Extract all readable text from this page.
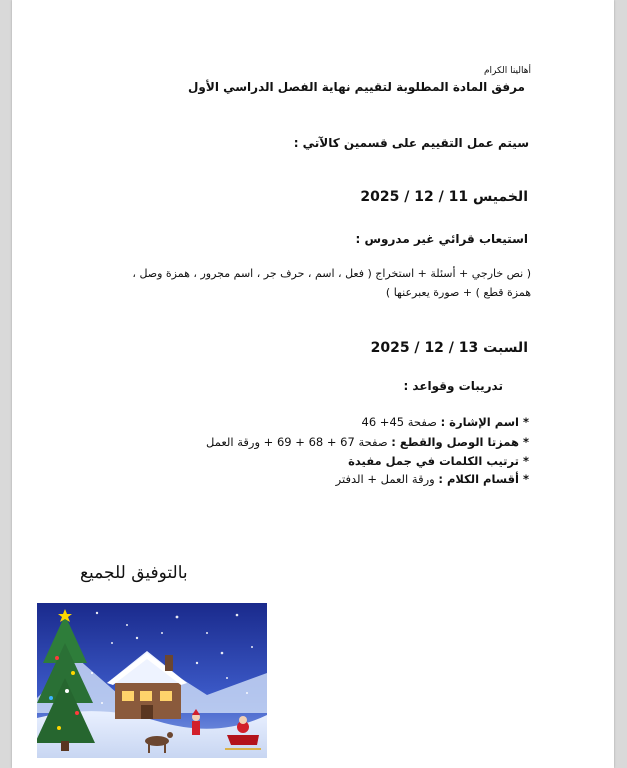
أهالينا الكرام
مرفق المادة المطلوبة لتقييم نهاية الفصل الدراسي الأول
سيتم عمل التقييم على قسمين كالآتي :
الخميس 11 / 12 / 2025
استيعاب قرائي غير مدروس :
( نص خارجي + أسئلة + استخراج ( فعل ، اسم ، حرف جر ، اسم مجرور ، همزة وصل ،
همزة قطع ) + صورة يعبرعنها )
السبت 13 / 12 / 2025
تدريبات وقواعد :
* اسم الإشارة : صفحة 45+ 46
* همزتا الوصل والقطع : صفحة 67 + 68 + 69 + ورقة العمل
* ترتيب الكلمات في جمل مفيدة
* أقسام الكلام : ورقة العمل + الدفتر
بالتوفيق للجميع
